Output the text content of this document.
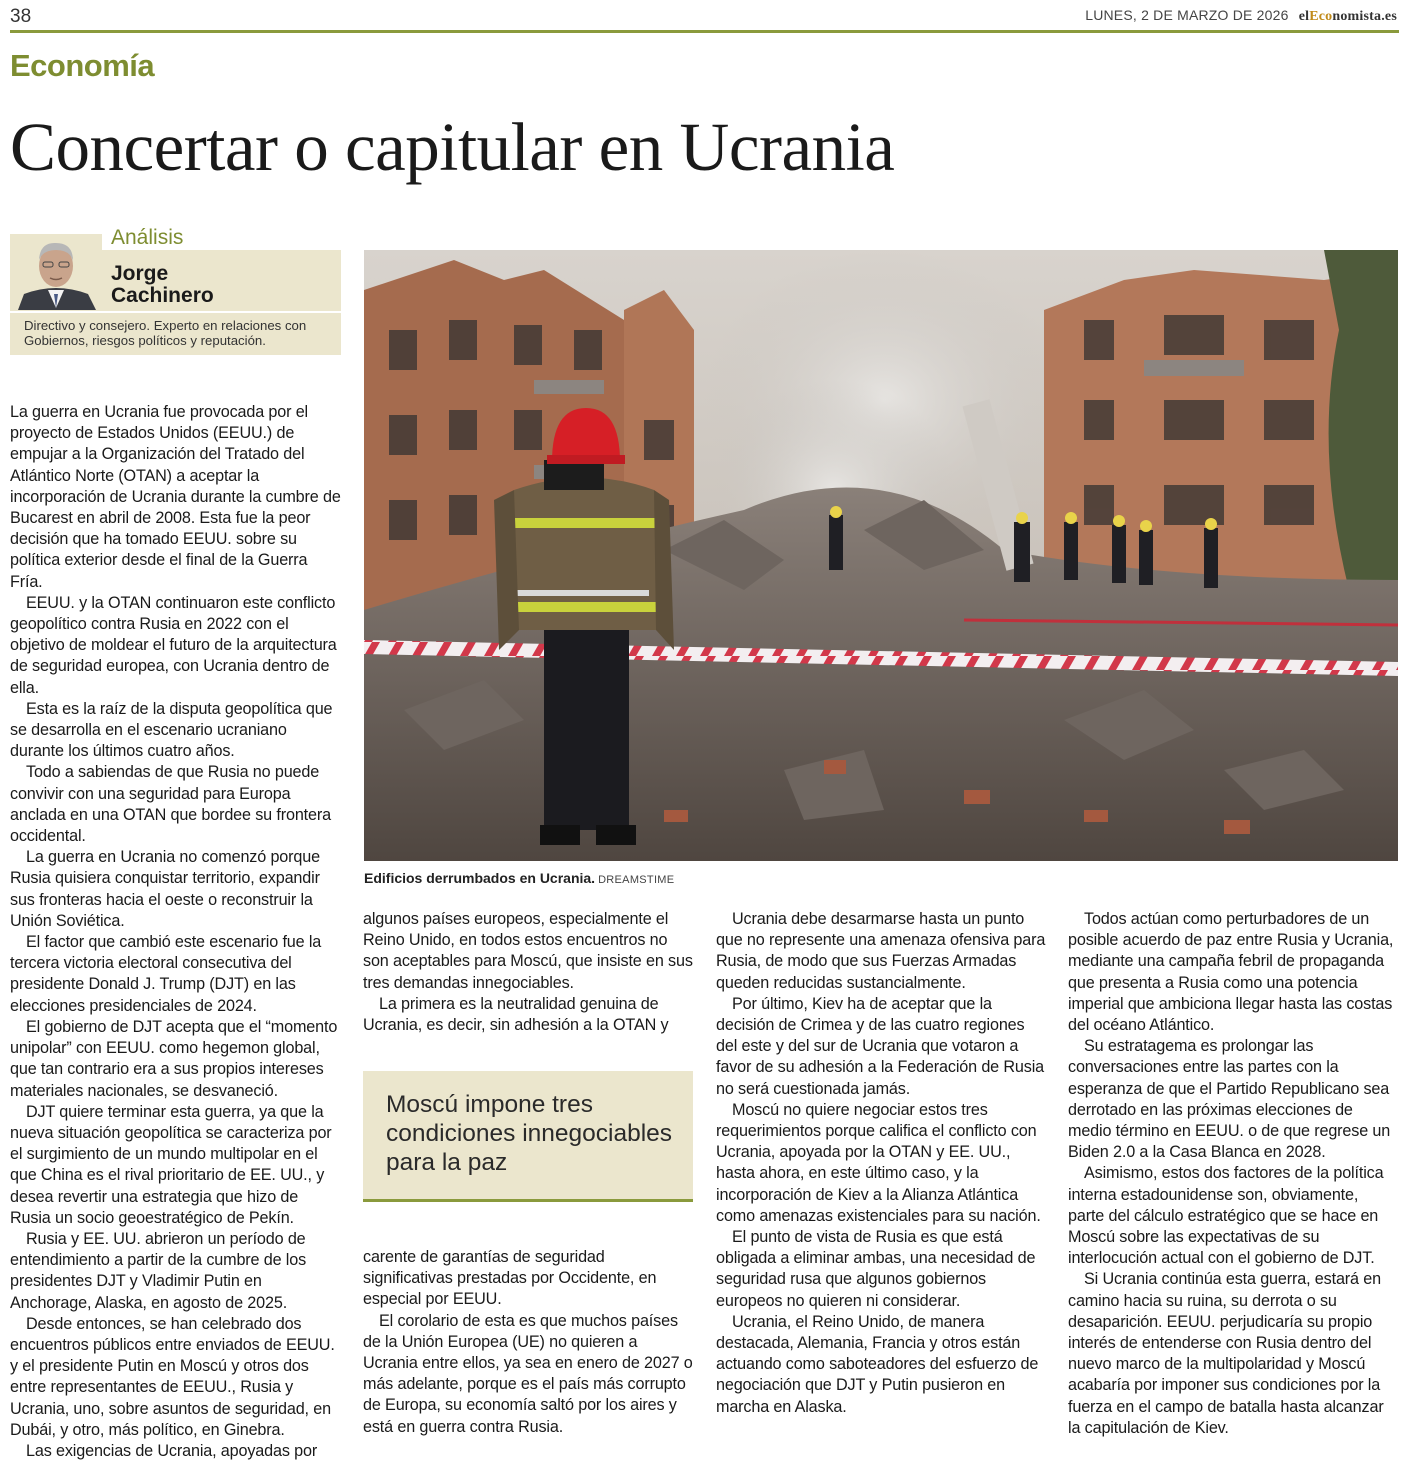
38	LUNES, 2 DE MARZO DE 2026 elEconomista.es
Economía
Concertar o capitular en Ucrania
Análisis
Jorge
Cachinero
Directivo y consejero. Experto en relaciones con Gobiernos, riesgos políticos y reputación.
Edificios derrumbados en Ucrania. DREAMSTIME
Moscú impone tres condiciones innegociables para la paz

La guerra en Ucrania fue provocada por el proyecto de Estados Unidos (EEUU.) de empujar a la Organización del Tratado del Atlántico Norte (OTAN) a aceptar la incorporación de Ucrania durante la cumbre de Bucarest en abril de 2008. Esta fue la peor decisión que ha tomado EEUU. sobre su política exterior desde el final de la Guerra Fría.

EEUU. y la OTAN continuaron este conflicto geopolítico contra Rusia en 2022 con el objetivo de moldear el futuro de la arquitectura de seguridad europea, con Ucrania dentro de ella.

Esta es la raíz de la disputa geopolítica que se desarrolla en el escenario ucraniano durante los últimos cuatro años.

Todo a sabiendas de que Rusia no puede convivir con una seguridad para Europa anclada en una OTAN que bordee su frontera occidental.

La guerra en Ucrania no comenzó porque Rusia quisiera conquistar territorio, expandir sus fronteras hacia el oeste o reconstruir la Unión Soviética.

El factor que cambió este escenario fue la tercera victoria electoral consecutiva del presidente Donald J. Trump (DJT) en las elecciones presidenciales de 2024.

El gobierno de DJT acepta que el “momento unipolar” con EEUU. como hegemon global, que tan contrario era a sus propios intereses materiales nacionales, se desvaneció.

DJT quiere terminar esta guerra, ya que la nueva situación geopolítica se caracteriza por el surgimiento de un mundo multipolar en el que China es el rival prioritario de EE. UU., y desea revertir una estrategia que hizo de Rusia un socio geoestratégico de Pekín.

Rusia y EE. UU. abrieron un período de entendimiento a partir de la cumbre de los presidentes DJT y Vladimir Putin en Anchorage, Alaska, en agosto de 2025.

Desde entonces, se han celebrado dos encuentros públicos entre enviados de EEUU. y el presidente Putin en Moscú y otros dos entre representantes de EEUU., Rusia y Ucrania, uno, sobre asuntos de seguridad, en Dubái, y otro, más político, en Ginebra.

Las exigencias de Ucrania, apoyadas por

algunos países europeos, especialmente el Reino Unido, en todos estos encuentros no son aceptables para Moscú, que insiste en sus tres demandas innegociables.

La primera es la neutralidad genuina de Ucrania, es decir, sin adhesión a la OTAN y

carente de garantías de seguridad significativas prestadas por Occidente, en especial por EEUU.

El corolario de esta es que muchos países de la Unión Europea (UE) no quieren a Ucrania entre ellos, ya sea en enero de 2027 o más adelante, porque es el país más corrupto de Europa, su economía saltó por los aires y está en guerra contra Rusia.

Ucrania debe desarmarse hasta un punto que no represente una amenaza ofensiva para Rusia, de modo que sus Fuerzas Armadas queden reducidas sustancialmente.

Por último, Kiev ha de aceptar que la decisión de Crimea y de las cuatro regiones del este y del sur de Ucrania que votaron a favor de su adhesión a la Federación de Rusia no será cuestionada jamás.

Moscú no quiere negociar estos tres requerimientos porque califica el conflicto con Ucrania, apoyada por la OTAN y EE. UU., hasta ahora, en este último caso, y la incorporación de Kiev a la Alianza Atlántica como amenazas existenciales para su nación.

El punto de vista de Rusia es que está obligada a eliminar ambas, una necesidad de seguridad rusa que algunos gobiernos europeos no quieren ni considerar.

Ucrania, el Reino Unido, de manera destacada, Alemania, Francia y otros están actuando como saboteadores del esfuerzo de negociación que DJT y Putin pusieron en marcha en Alaska.

Todos actúan como perturbadores de un posible acuerdo de paz entre Rusia y Ucrania, mediante una campaña febril de propaganda que presenta a Rusia como una potencia imperial que ambiciona llegar hasta las costas del océano Atlántico.

Su estratagema es prolongar las conversaciones entre las partes con la esperanza de que el Partido Republicano sea derrotado en las próximas elecciones de medio término en EEUU. o de que regrese un Biden 2.0 a la Casa Blanca en 2028.

Asimismo, estos dos factores de la política interna estadounidense son, obviamente, parte del cálculo estratégico que se hace en Moscú sobre las expectativas de su interlocución actual con el gobierno de DJT.

Si Ucrania continúa esta guerra, estará en camino hacia su ruina, su derrota o su desaparición. EEUU. perjudicaría su propio interés de entenderse con Rusia dentro del nuevo marco de la multipolaridad y Moscú acabaría por imponer sus condiciones por la fuerza en el campo de batalla hasta alcanzar la capitulación de Kiev.
